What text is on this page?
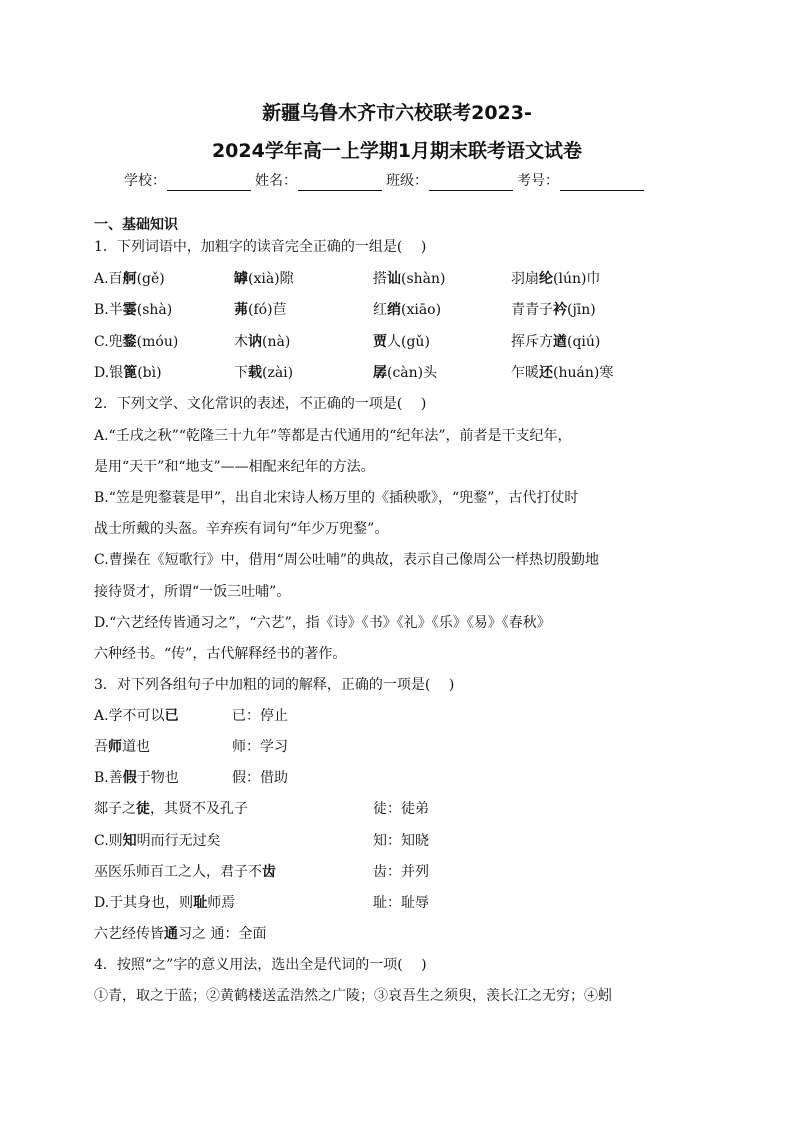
新疆乌鲁木齐市六校联考2023-
2024学年高一上学期1月期末联考语文试卷
学校：	姓名：	班级：	考号：
一、基础知识
1．下列词语中，加粗字的读音完全正确的一组是(　 )
A.百舸(gě)	罅(xià)隙	搭讪(shàn)	羽扇纶(lún)巾
B.半霎(shà)	茀(fó)苣	红绡(xiāo)	青青子衿(jīn)
C.兜鍪(móu)	木讷(nà)	贾人(gǔ)	挥斥方遒(qiú)
D.银篦(bì)	下载(zài)	孱(càn)头	乍暖还(huán)寒
2．下列文学、文化常识的表述，不正确的一项是(　 )
A.“壬戌之秋”“乾隆三十九年”等都是古代通用的“纪年法”，前者是干支纪年，
是用“天干”和“地支”——相配来纪年的方法。
B.“笠是兜鍪蓑是甲”，出自北宋诗人杨万里的《插秧歌》，“兜鍪”，古代打仗时
战士所戴的头盔。辛弃疾有词句“年少万兜鍪”。
C.曹操在《短歌行》中，借用“周公吐哺”的典故，表示自己像周公一样热切殷勤地
接待贤才，所谓“一饭三吐哺”。
D.“六艺经传皆通习之”，“六艺”，指《诗》《书》《礼》《乐》《易》《春秋》
六种经书。“传”，古代解释经书的著作。
3．对下列各组句子中加粗的词的解释，正确的一项是(　 )
A.学不可以已	已：停止
吾师道也	师：学习
B.善假于物也	假：借助
郯子之徒，其贤不及孔子	徒：徒弟
C.则知明而行无过矣	知：知晓
巫医乐师百工之人，君子不齿	齿：并列
D.于其身也，则耻师焉	耻：耻辱
六艺经传皆通习之 通：全面
4．按照“之”字的意义用法，选出全是代词的一项(　 )
①青，取之于蓝；②黄鹤楼送孟浩然之广陵；③哀吾生之须臾，羡长江之无穷；④蚓
